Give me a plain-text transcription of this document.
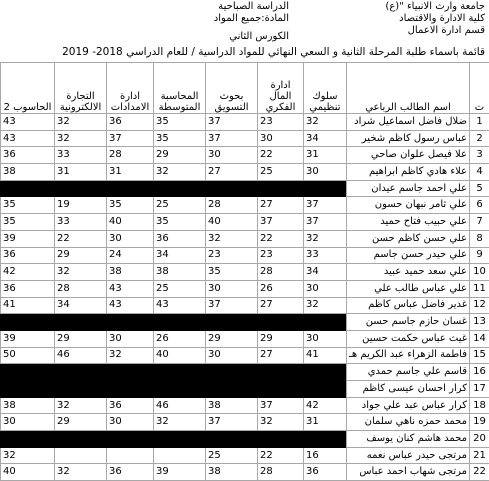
جامعة وارث الانبياء "(ع)
كلية الادارة والاقتصاد
قسم ادارة الاعمال
الدراسة الصباحية
المادة:جميع المواد
الكورس الثاني
قائمة باسماء طلبة المرحلة الثانية و السعي النهائي للمواد الدراسية / للعام الدراسي 2018- 2019
ت	اسم الطالب الرباعي	سلوك تنظيمي	ادارة المال الفكري	بحوث التسويق	المحاسبة المتوسطة	ادارة الامدادات	التجارة الالكترونية	الحاسوب 2
1	ضلال فاضل اسماعيل شراد	32	23	37	35	36	32	43
2	عباس رسول كاظم شخير	34	30	37	35	37	32	43
3	علا فيصل علوان صاحي	31	22	30	29	28	33	36
4	علاء هادي كاظم ابراهيم	30	25	27	32	31	31	38
5	علي احمد جاسم عيدان							
6	علي ثامر نبهان حسون	37	27	28	25	35	19	35
7	علي حبيب فتاح حميد	37	37	40	35	40	33	35
8	علي حسن كاظم حسن	32	22	32	36	30	22	39
9	علي حيدر حسن جاسم	33	23	23	34	24	29	36
10	علي سعد حميد عبيد	34	28	35	38	38	32	42
11	علي عباس طالب علي	30	26	30	25	43	28	36
12	غدير فاضل عباس كاظم	32	27	37	43	43	34	41
13	غسان حازم جاسم حسن							
14	غيث عباس حكمت حسين	30	29	29	26	30	29	39
15	فاطمة الزهراء عبد الكريم هـ	41	27	30	40	32	46	50
16	قاسم علي جاسم حمدي							
17	كرار احسان عيسى كاظم							
18	كرار عباس عبد علي جواد	42	37	38	46	36	32	38
19	محمد حمزه ناهي سلمان	31	32	37	32	30	29	30
20	محمد هاشم كنان يوسف							
21	مرتجى حيدر عباس نعمه	16	22	25				32
22	مرتجى شهاب احمد عباس	36	28	38	39	36	32	40
